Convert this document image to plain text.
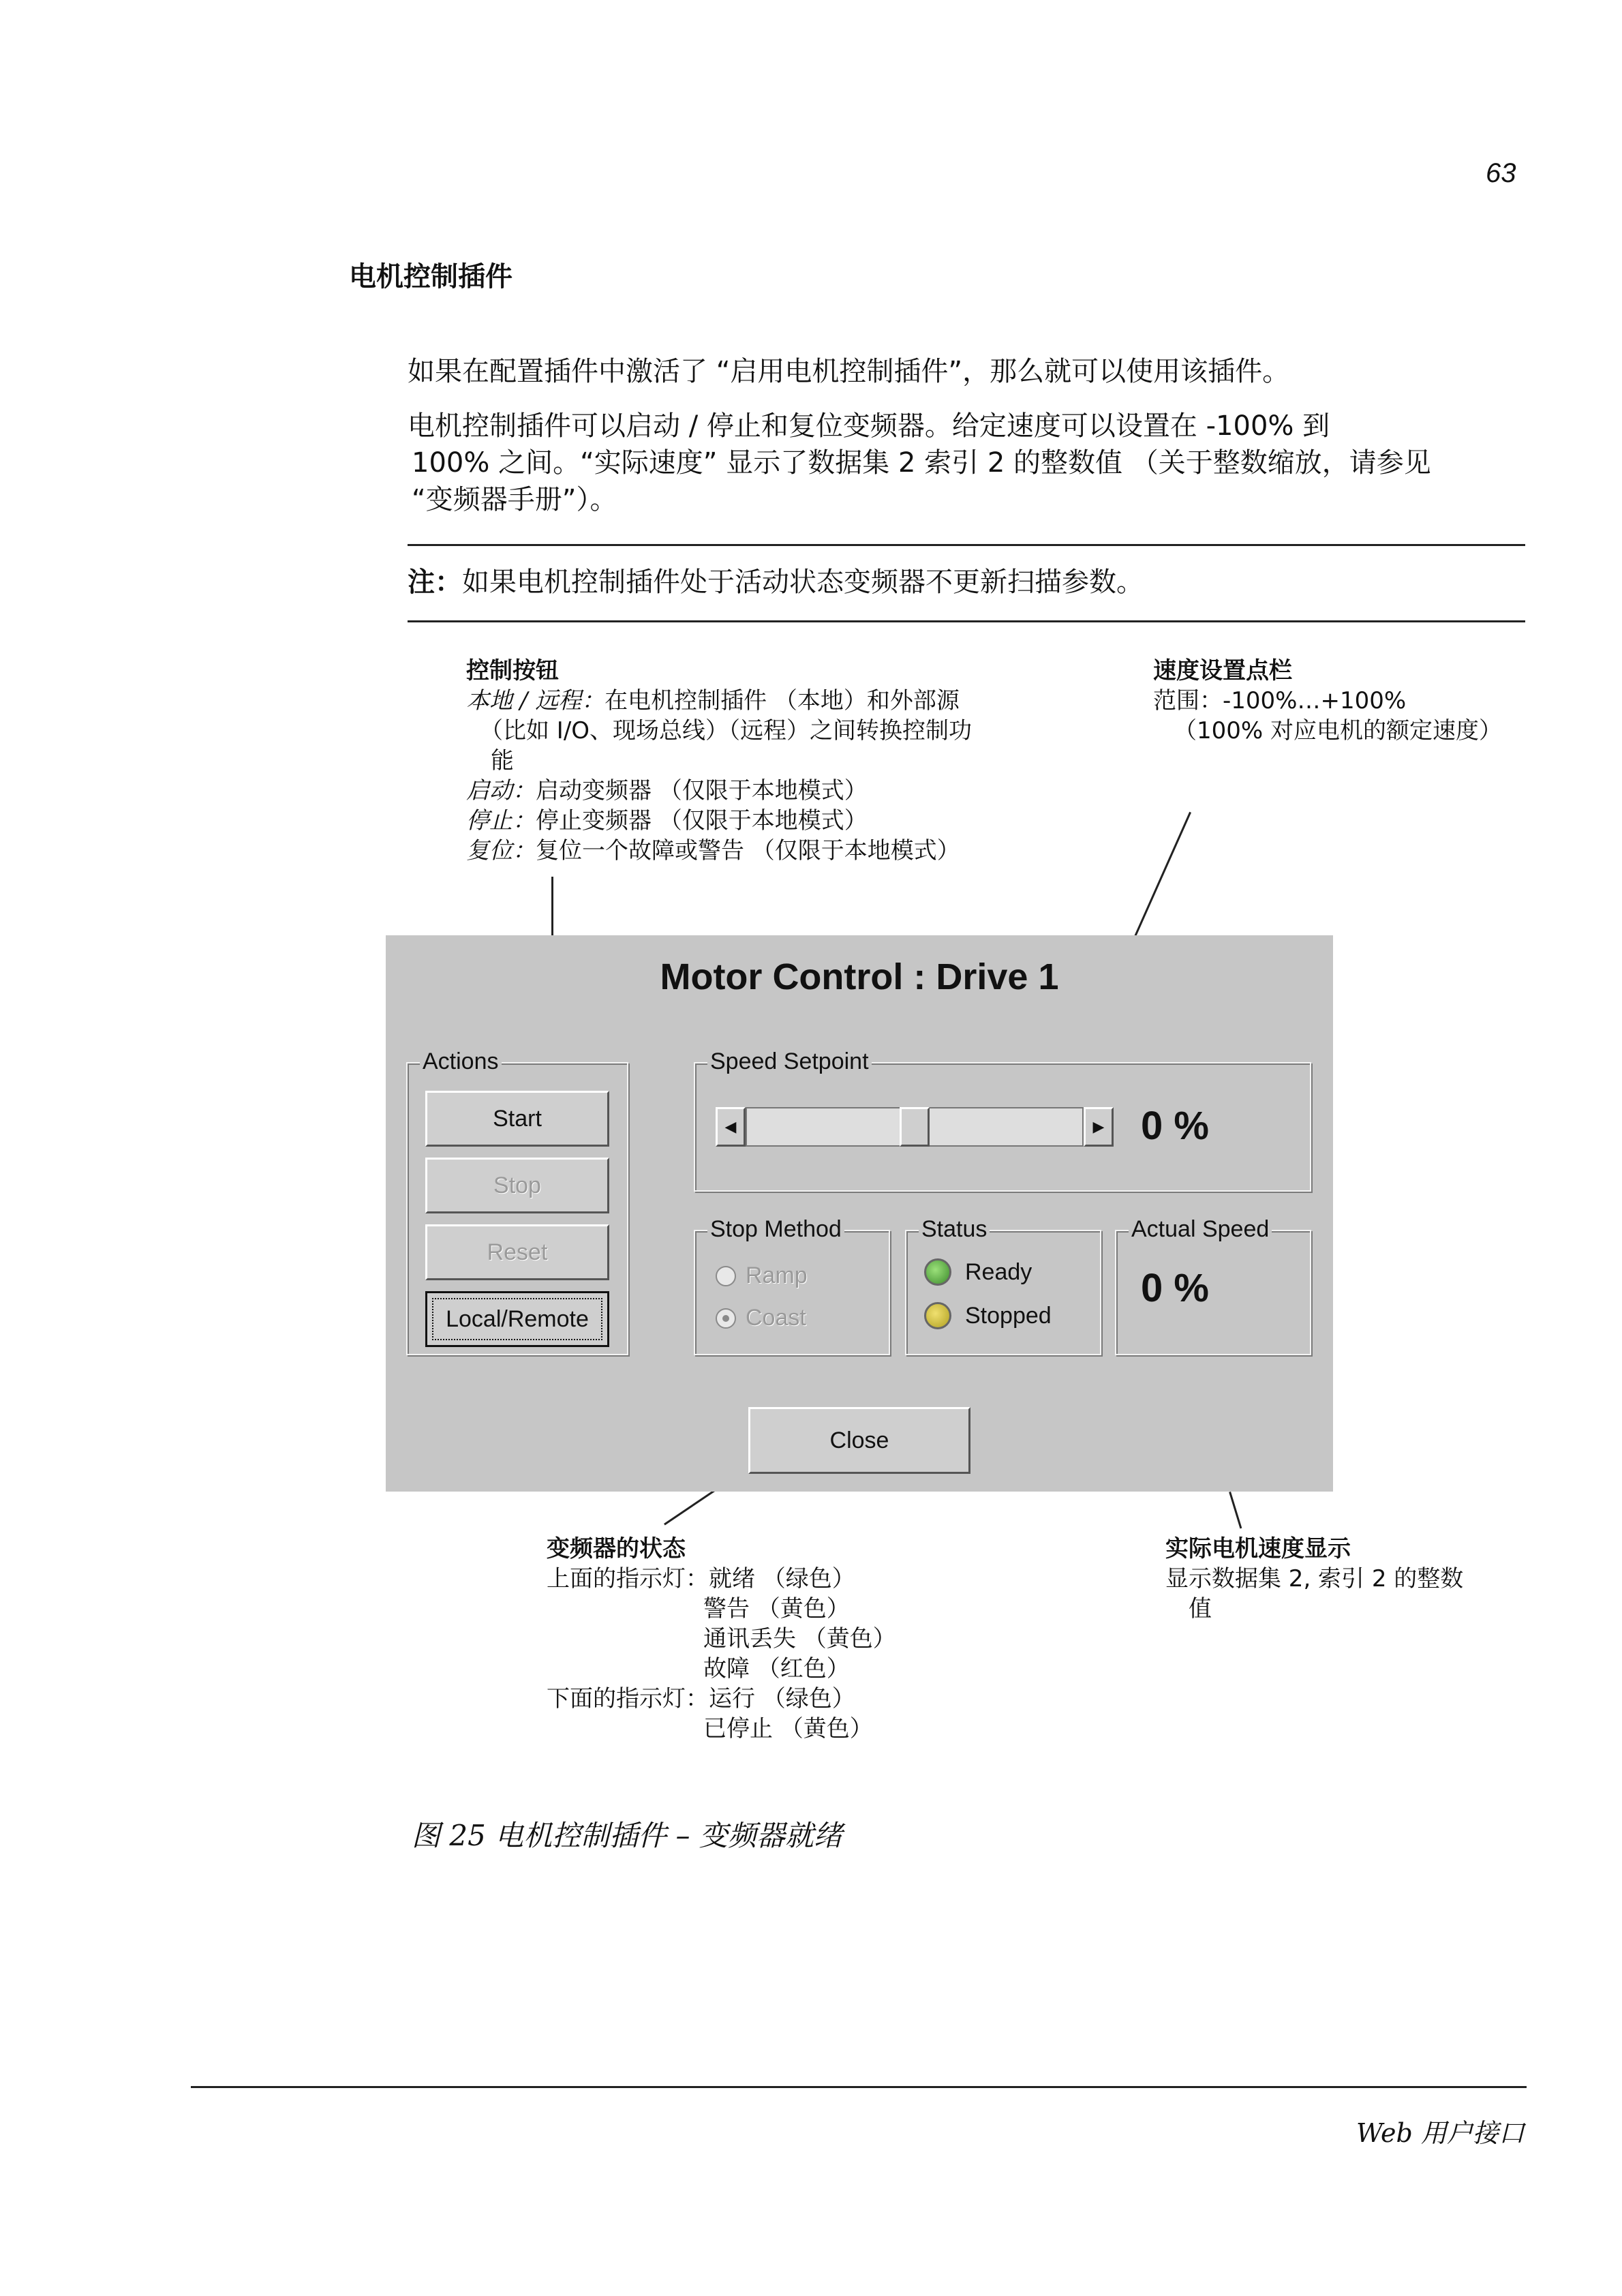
63
电机控制插件
如果在配置插件中激活了 “启用电机控制插件”，那么就可以使用该插件。
电机控制插件可以启动 / 停止和复位变频器。给定速度可以设置在 -100% 到
100% 之间。“实际速度” 显示了数据集 2 索引 2 的整数值 （关于整数缩放，请参见
“变频器手册”）。
注：如果电机控制插件处于活动状态变频器不更新扫描参数。
控制按钮
本地 / 远程：在电机控制插件 （本地）和外部源
（比如 I/O、现场总线）（远程）之间转换控制功
能
启动：启动变频器 （仅限于本地模式）
停止：停止变频器 （仅限于本地模式）
复位：复位一个故障或警告 （仅限于本地模式）
速度设置点栏
范围：-100%…+100%
（100% 对应电机的额定速度）
Motor Control : Drive 1
Actions
Start
Stop
Reset
Local/Remote
Speed Setpoint
◀	▶ 0 %
Stop Method
Ramp
Coast
Status
Ready
Stopped
Actual Speed
0 %
Close
变频器的状态
上面的指示灯：就绪 （绿色）
警告 （黄色）
通讯丢失 （黄色）
故障 （红色）
下面的指示灯：运行 （绿色）
已停止 （黄色）
实际电机速度显示
显示数据集 2, 索引 2 的整数
值
图 25 电机控制插件 – 变频器就绪
Web 用户接口
